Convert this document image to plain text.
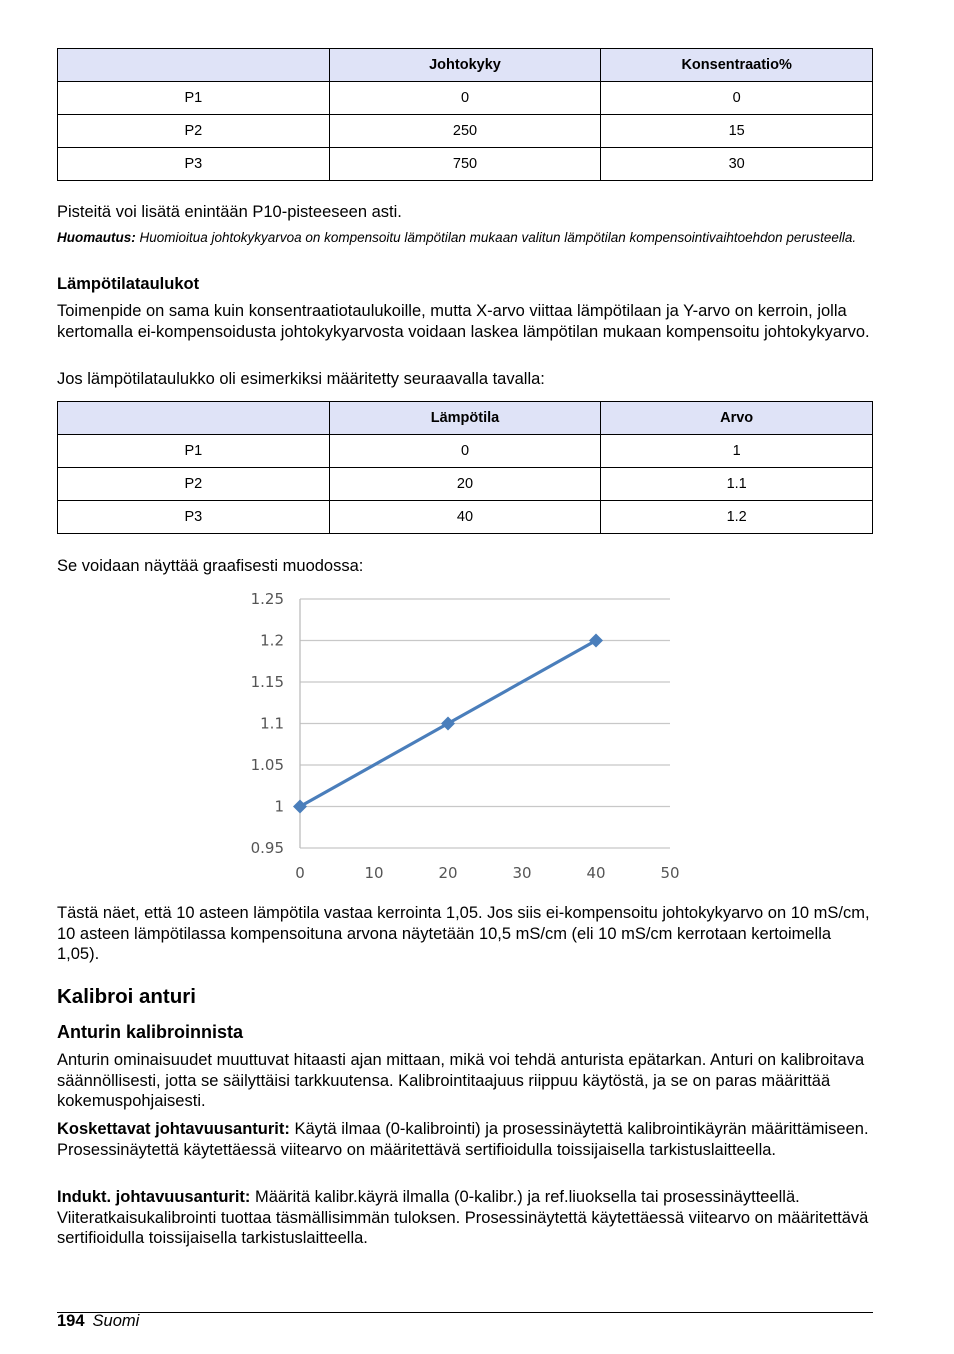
	Johtokyky	Konsentraatio%
P1	0	0
P2	250	15
P3	750	30

Pisteitä voi lisätä enintään P10-pisteeseen asti.

Huomautus: Huomioitua johtokykyarvoa on kompensoitu lämpötilan mukaan valitun lämpötilan kompensointivaihtoehdon perusteella.

Lämpötilataulukot

Toimenpide on sama kuin konsentraatiotaulukoille, mutta X-arvo viittaa lämpötilaan ja Y-arvo on kerroin, jolla kertomalla ei-kompensoidusta johtokykyarvosta voidaan laskea lämpötilan mukaan kompensoitu johtokykyarvo.

Jos lämpötilataulukko oli esimerkiksi määritetty seuraavalla tavalla:

	Lämpötila	Arvo
P1	0	1
P2	20	1.1
P3	40	1.2

Se voidaan näyttää graafisesti muodossa:

0.95
1
1.05
1.1
1.15
1.2
1.25
0	10	20	30	40	50

Tästä näet, että 10 asteen lämpötila vastaa kerrointa 1,05. Jos siis ei-kompensoitu johtokykyarvo on 10 mS/cm, 10 asteen lämpötilassa kompensoituna arvona näytetään 10,5 mS/cm (eli 10 mS/cm kerrotaan kertoimella 1,05).

Kalibroi anturi

Anturin kalibroinnista

Anturin ominaisuudet muuttuvat hitaasti ajan mittaan, mikä voi tehdä anturista epätarkan. Anturi on kalibroitava säännöllisesti, jotta se säilyttäisi tarkkuutensa. Kalibrointitaajuus riippuu käytöstä, ja se on paras määrittää kokemuspohjaisesti.

Koskettavat johtavuusanturit: Käytä ilmaa (0-kalibrointi) ja prosessinäytettä kalibrointikäyrän määrittämiseen. Prosessinäytettä käytettäessä viitearvo on määritettävä sertifioidulla toissijaisella tarkistuslaitteella.

Indukt. johtavuusanturit: Määritä kalibr.käyrä ilmalla (0-kalibr.) ja ref.liuoksella tai prosessinäytteellä. Viiteratkaisukalibrointi tuottaa täsmällisimmän tuloksen. Prosessinäytettä käytettäessä viitearvo on määritettävä sertifioidulla toissijaisella tarkistuslaitteella.

194 Suomi
